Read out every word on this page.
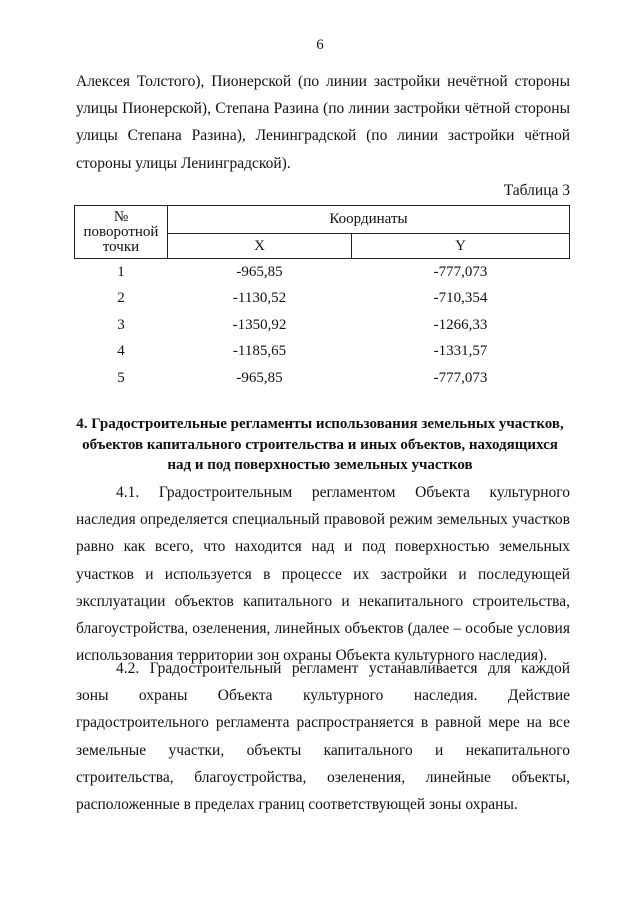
6

Алексея Толстого), Пионерской (по линии застройки нечётной стороны улицы Пионерской), Степана Разина (по линии застройки чётной стороны улицы Степана Разина), Ленинградской (по линии застройки чётной стороны улицы Ленинградской).

Таблица 3
№ поворотной точки	Координаты	
	X	Y
1	-965,85	-777,073
2	-1130,52	-710,354
3	-1350,92	-1266,33
4	-1185,65	-1331,57
5	-965,85	-777,073
4. Градостроительные регламенты использования земельных участков, объектов капитального строительства и иных объектов, находящихся над и под поверхностью земельных участков

4.1. Градостроительным регламентом Объекта культурного наследия определяется специальный правовой режим земельных участков равно как всего, что находится над и под поверхностью земельных участков и используется в процессе их застройки и последующей эксплуатации объектов капитального и некапитального строительства, благоустройства, озеленения, линейных объектов (далее – особые условия использования территории зон охраны Объекта культурного наследия).

4.2. Градостроительный регламент устанавливается для каждой зоны охраны Объекта культурного наследия. Действие градостроительного регламента распространяется в равной мере на все земельные участки, объекты капитального и некапитального строительства, благоустройства, озеленения, линейные объекты, расположенные в пределах границ соответствующей зоны охраны.
